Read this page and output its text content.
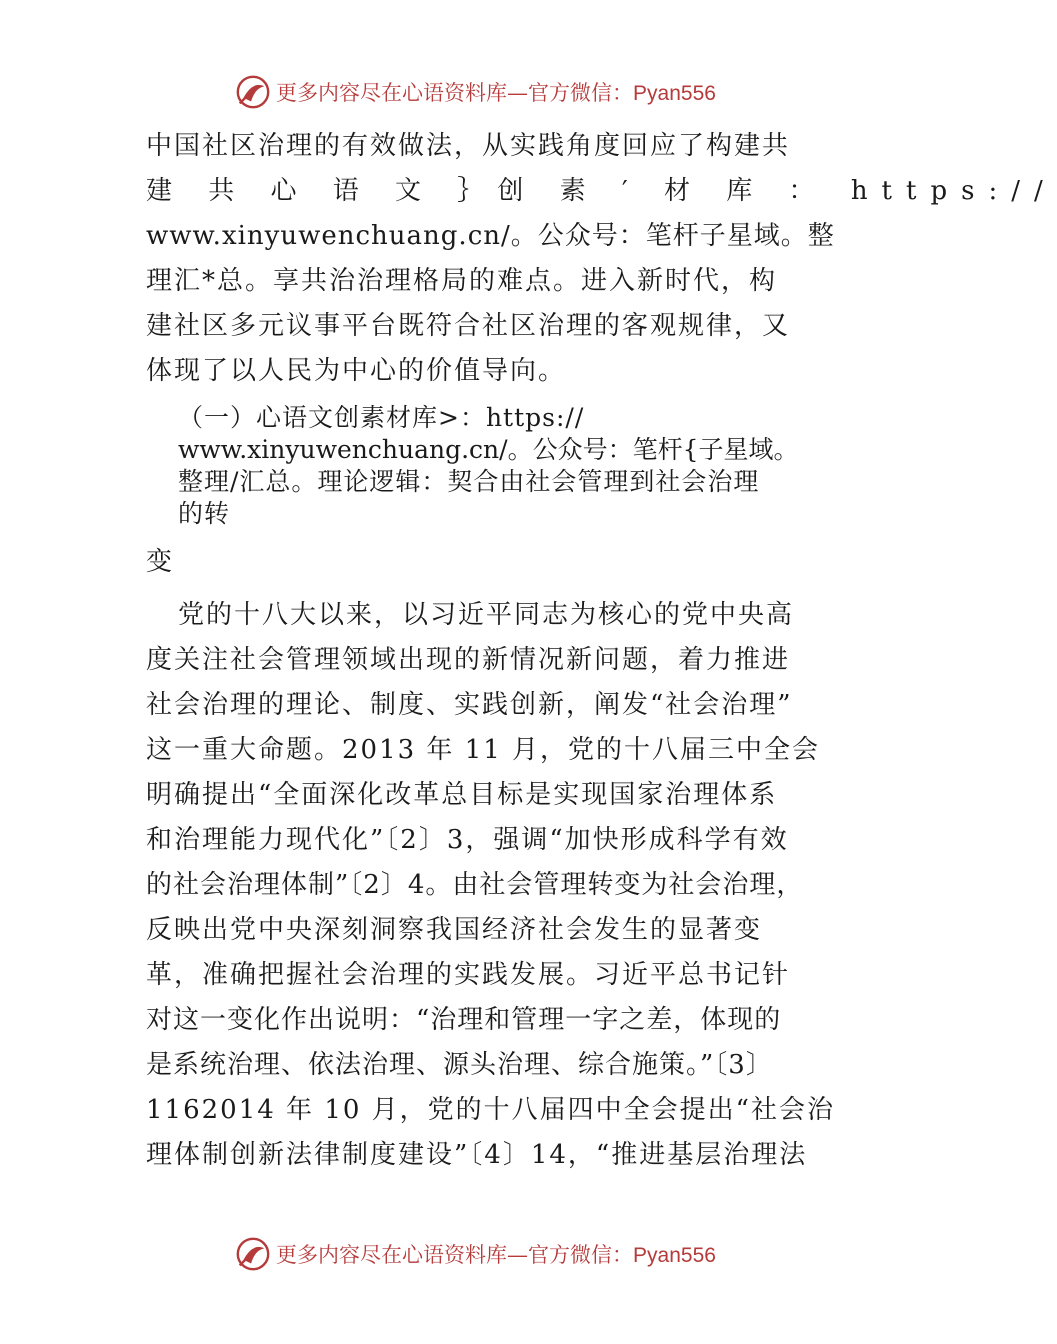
更多内容尽在心语资料库—官方微信：Pyan556
中国社区治理的有效做法，从实践角度回应了构建共
建 共 心 语 文 ｝创 素 ′ 材 库 ： https://
www.xinyuwenchuang.cn/。公众号：笔杆子星域。整
理汇*总。享共治治理格局的难点。进入新时代，构
建社区多元议事平台既符合社区治理的客观规律，又
体现了以人民为中心的价值导向。
（一）心语文创素材库>：https://
www.xinyuwenchuang.cn/。公众号：笔杆{子星域。
整理/汇总。理论逻辑：契合由社会管理到社会治理
的转
变
党的十八大以来，以习近平同志为核心的党中央高
度关注社会管理领域出现的新情况新问题，着力推进
社会治理的理论、制度、实践创新，阐发“社会治理”
这一重大命题。2013 年 11 月，党的十八届三中全会
明确提出“全面深化改革总目标是实现国家治理体系
和治理能力现代化”〔2〕3，强调“加快形成科学有效
的社会治理体制”〔2〕4。由社会管理转变为社会治理，
反映出党中央深刻洞察我国经济社会发生的显著变
革，准确把握社会治理的实践发展。习近平总书记针
对这一变化作出说明：“治理和管理一字之差，体现的
是系统治理、依法治理、源头治理、综合施策。”〔3〕
1162014 年 10 月，党的十八届四中全会提出“社会治
理体制创新法律制度建设”〔4〕14，“推进基层治理法
更多内容尽在心语资料库—官方微信：Pyan556
